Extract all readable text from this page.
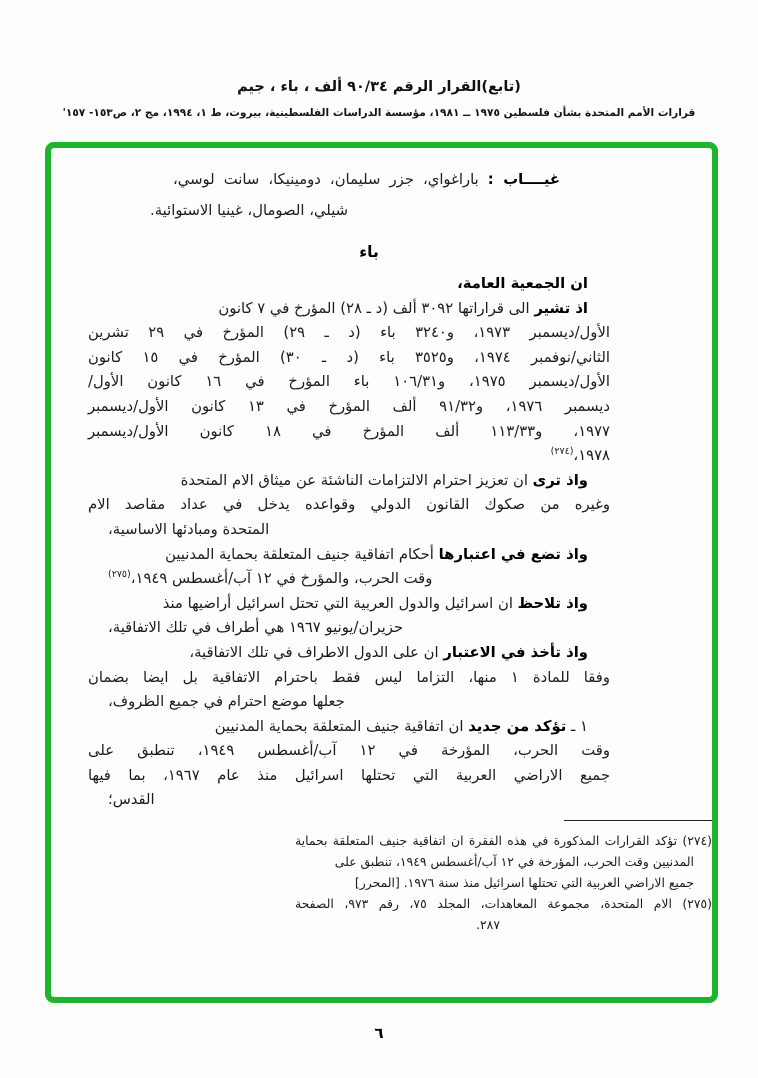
(تابع)القرار الرقم ٩٠/٣٤ ألف ، باء ، جيم
قرارات الأمم المتحدة بشأن فلسطين ١٩٧٥ ــ ١٩٨١، مؤسسة الدراسات الفلسطينية، بيروت، ط ١، ١٩٩٤، مج ٢، ص١٥٣- ١٥٧'
غيــــاب : باراغواي، جزر سليمان، دومينيكا، سانت لوسي،
شيلي، الصومال، غينيا الاستوائية.
باء
ان الجمعية العامة،
اذ تشير الى قراراتها ٣٠٩٢ ألف (د ـ ٢٨) المؤرخ في ٧ كانون
الأول/ديسمبر ١٩٧٣، و٣٢٤٠ باء (د ـ ٢٩) المؤرخ في ٢٩ تشرين
الثاني/نوفمبر ١٩٧٤، و٣٥٢٥ باء (د ـ ٣٠) المؤرخ في ١٥ كانون
الأول/ديسمبر ١٩٧٥، و١٠٦/٣١ باء المؤرخ في ١٦ كانون الأول/
ديسمبر ١٩٧٦، و٩١/٣٢ ألف المؤرخ في ١٣ كانون الأول/ديسمبر
١٩٧٧، و١١٣/٣٣ ألف المؤرخ في ١٨ كانون الأول/ديسمبر
١٩٧٨،$^{(٢٧٤)}$
واذ ترى ان تعزيز احترام الالتزامات الناشئة عن ميثاق الام المتحدة
وغيره من صكوك القانون الدولي وقواعده يدخل في عداد مقاصد الام
المتحدة ومبادئها الاساسية،
واذ تضع في اعتبارها أحكام اتفاقية جنيف المتعلقة بحماية المدنيين
وقت الحرب، والمؤرخ في ١٢ آب/أغسطس ١٩٤٩،$^{(٢٧٥)}$
واذ تلاحظ ان اسرائيل والدول العربية التي تحتل اسرائيل أراضيها منذ
حزيران/يونيو ١٩٦٧ هي أطراف في تلك الاتفاقية،
واذ تأخذ في الاعتبار ان على الدول الاطراف في تلك الاتفاقية،
وفقا للمادة ١ منها، التزاما ليس فقط باحترام الاتفاقية بل ايضا بضمان
جعلها موضع احترام في جميع الظروف،
١ ـ تؤكد من جديد ان اتفاقية جنيف المتعلقة بحماية المدنيين
وقت الحرب، المؤرخة في ١٢ آب/أغسطس ١٩٤٩، تنطبق على
جميع الاراضي العربية التي تحتلها اسرائيل منذ عام ١٩٦٧، بما فيها
القدس؛
(٢٧٤) تؤكد القرارات المذكورة في هذه الفقرة ان اتفاقية جنيف المتعلقة بحماية
المدنيين وقت الحرب، المؤرخة في ١٢ آب/أغسطس ١٩٤٩، تنطبق على
جميع الاراضي العربية التي تحتلها اسرائيل منذ سنة ١٩٧٦. [المحرر]
(٢٧٥) الام المتحدة، مجموعة المعاهدات، المجلد ٧٥، رقم ٩٧٣، الصفحة
٢٨٧.
٦
